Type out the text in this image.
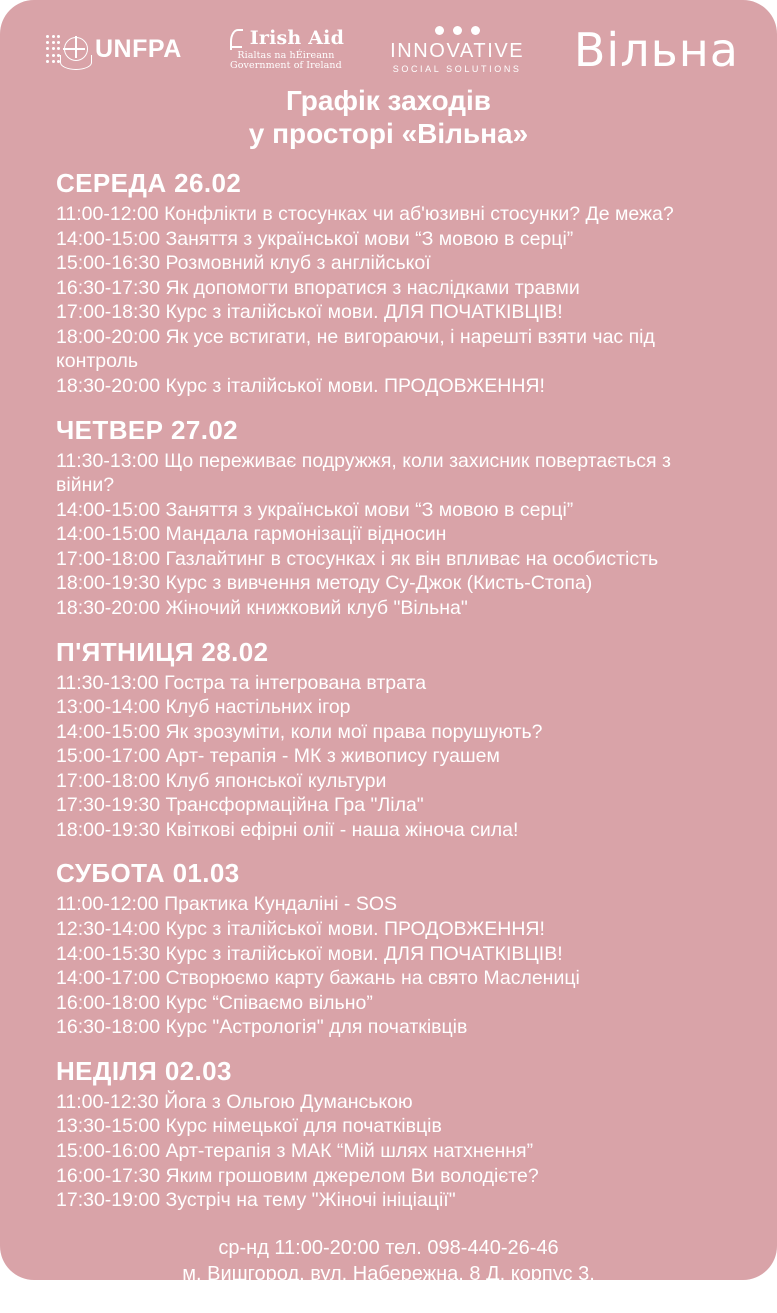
UNFPA	Irish Aid
Rialtas na hÉireann
Government of Ireland
INNOVATIVE
SOCIAL SOLUTIONS Вільна
Графік заходів
у просторі «Вільна»
СЕРЕДА 26.02
11:00-12:00 Конфлікти в стосунках чи аб'юзивні стосунки? Де межа?
14:00-15:00 Заняття з української мови “З мовою в серці”
15:00-16:30 Розмовний клуб з англійської
16:30-17:30 Як допомогти впоратися з наслідками травми
17:00-18:30 Курс з італійської мови. ДЛЯ ПОЧАТКІВЦІВ!
18:00-20:00 Як усе встигати, не вигораючи, і нарешті взяти час під контроль
18:30-20:00 Курс з італійської мови. ПРОДОВЖЕННЯ!
ЧЕТВЕР 27.02
11:30-13:00 Що переживає подружжя, коли захисник повертається з війни?
14:00-15:00 Заняття з української мови “З мовою в серці”
14:00-15:00 Мандала гармонізації відносин
17:00-18:00 Газлайтинг в стосунках і як він впливає на особистість
18:00-19:30 Курс з вивчення методу Су-Джок (Кисть-Стопа)
18:30-20:00 Жіночий книжковий клуб "Вільна"
П'ЯТНИЦЯ 28.02
11:30-13:00 Гостра та інтегрована втрата
13:00-14:00 Клуб настільних ігор
14:00-15:00 Як зрозуміти, коли мої права порушують?
15:00-17:00 Арт- терапія - МК з живопису гуашем
17:00-18:00 Клуб японської культури
17:30-19:30 Трансформаційна Гра "Ліла"
18:00-19:30 Квіткові ефірні олії - наша жіноча сила!
СУБОТА 01.03
11:00-12:00 Практика Кундаліні - SOS
12:30-14:00 Курс з італійської мови. ПРОДОВЖЕННЯ!
14:00-15:30 Курс з італійської мови. ДЛЯ ПОЧАТКІВЦІВ!
14:00-17:00 Створюємо карту бажань на свято Маслениці
16:00-18:00 Курс “Співаємо вільно”
16:30-18:00 Курс "Астрологія" для початківців
НЕДІЛЯ 02.03
11:00-12:30 Йога з Ольгою Думанською
13:30-15:00 Курс німецької для початківців
15:00-16:00 Арт-терапія з МАК “Мій шлях натхнення”
16:00-17:30 Яким грошовим джерелом Ви володієте?
17:30-19:00 Зустріч на тему "Жіночі ініціації"
ср-нд 11:00-20:00 тел. 098-440-26-46
м. Вишгород, вул. Набережна, 8 Д, корпус 3,
ЖК Вишгород Сіті Парк
